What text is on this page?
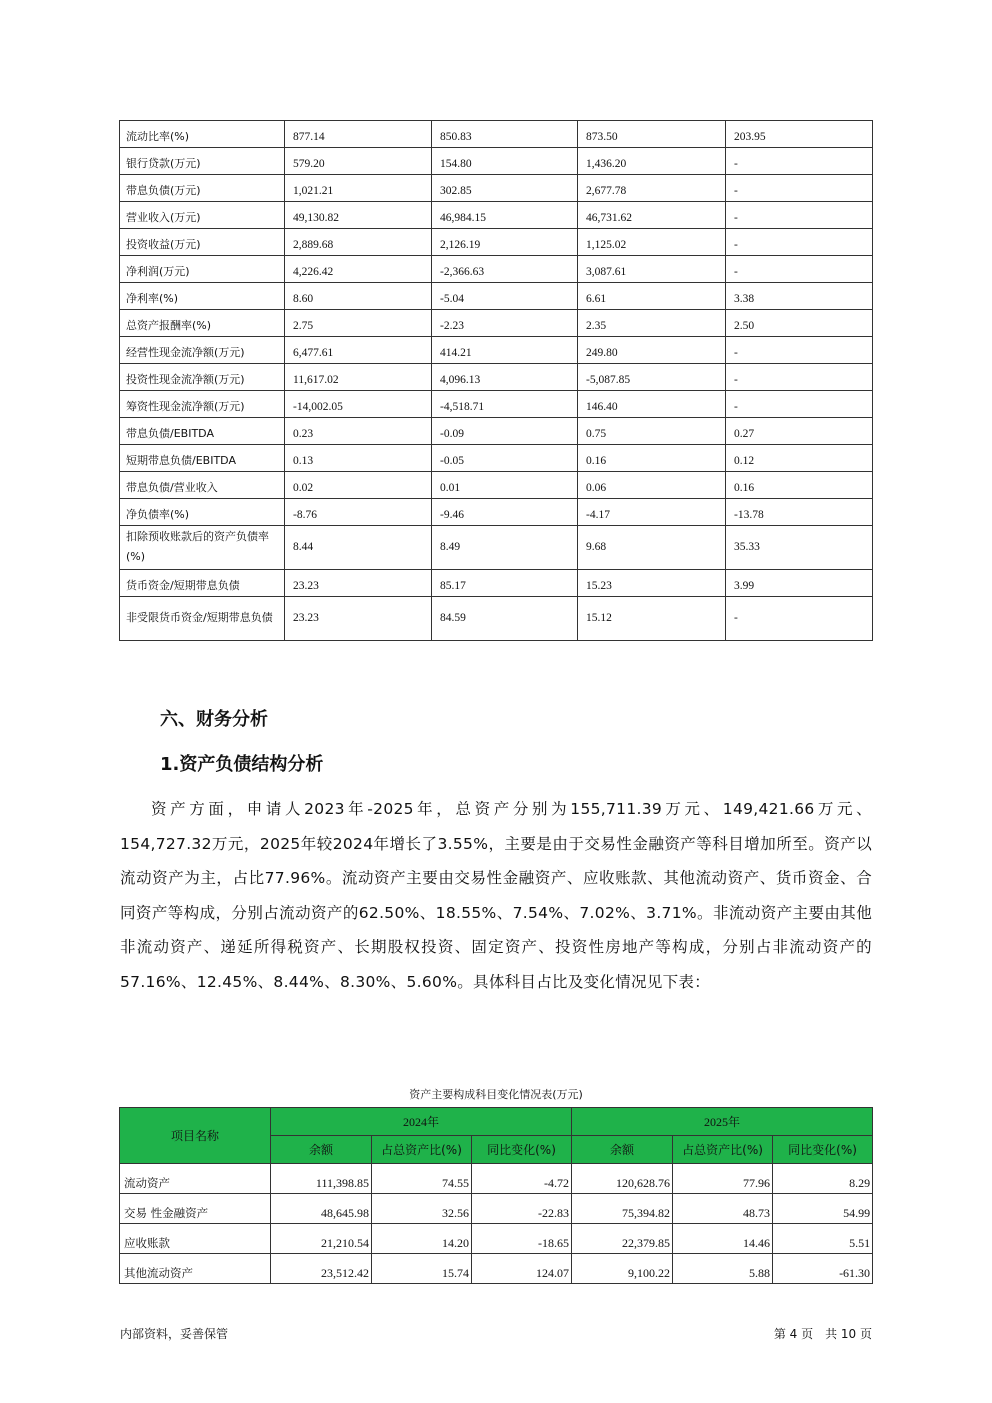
流动比率(%)	877.14	850.83	873.50	203.95
银行贷款(万元)	579.20	154.80	1,436.20	-
带息负债(万元)	1,021.21	302.85	2,677.78	-
营业收入(万元)	49,130.82	46,984.15	46,731.62	-
投资收益(万元)	2,889.68	2,126.19	1,125.02	-
净利润(万元)	4,226.42	-2,366.63	3,087.61	-
净利率(%)	8.60	-5.04	6.61	3.38
总资产报酬率(%)	2.75	-2.23	2.35	2.50
经营性现金流净额(万元)	6,477.61	414.21	249.80	-
投资性现金流净额(万元)	11,617.02	4,096.13	-5,087.85	-
筹资性现金流净额(万元)	-14,002.05	-4,518.71	146.40	-
带息负债/EBITDA	0.23	-0.09	0.75	0.27
短期带息负债/EBITDA	0.13	-0.05	0.16	0.12
带息负债/营业收入	0.02	0.01	0.06	0.16
净负债率(%)	-8.76	-9.46	-4.17	-13.78
扣除预收账款后的资产负债率(%)	8.44	8.49	9.68	35.33
货币资金/短期带息负债	23.23	85.17	15.23	3.99
非受限货币资金/短期带息负债	23.23	84.59	15.12	-
六、财务分析
1.资产负债结构分析

资产方面，申请人2023年-2025年，总资产分别为155,711.39万元、149,421.66万元、154,727.32万元，2025年较2024年增长了3.55%，主要是由于交易性金融资产等科目增加所至。资产以流动资产为主，占比77.96%。流动资产主要由交易性金融资产、应收账款、其他流动资产、货币资金、合同资产等构成，分别占流动资产的62.50%、18.55%、7.54%、7.02%、3.71%。非流动资产主要由其他非流动资产、递延所得税资产、长期股权投资、固定资产、投资性房地产等构成，分别占非流动资产的57.16%、12.45%、8.44%、8.30%、5.60%。具体科目占比及变化情况见下表：

资产主要构成科目变化情况表(万元)
项目名称	2024年			2025年		
	余额	占总资产比(%)	同比变化(%)	余额	占总资产比(%)	同比变化(%)
流动资产	111,398.85	74.55	-4.72	120,628.76	77.96	8.29
交易 性金融资产	48,645.98	32.56	-22.83	75,394.82	48.73	54.99
应收账款	21,210.54	14.20	-18.65	22,379.85	14.46	5.51
其他流动资产	23,512.42	15.74	124.07	9,100.22	5.88	-61.30
内部资料，妥善保管	第 4 页　共 10 页
